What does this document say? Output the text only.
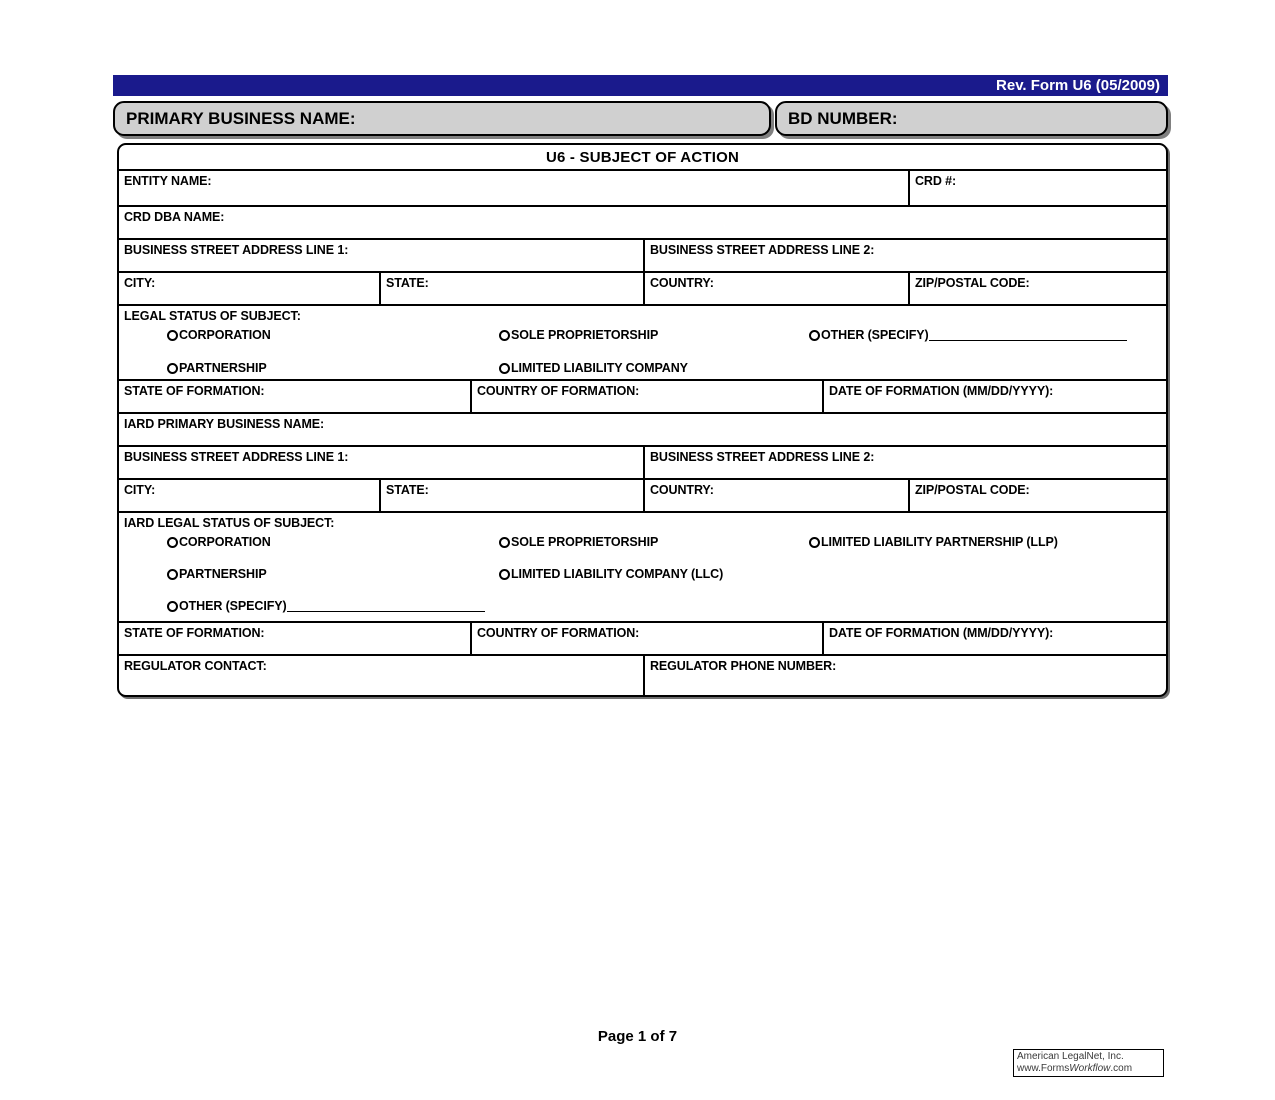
Rev. Form U6 (05/2009)
PRIMARY BUSINESS NAME:	BD NUMBER:
U6 - SUBJECT OF ACTION
ENTITY NAME:	CRD #:
CRD DBA NAME:
BUSINESS STREET ADDRESS LINE 1:	BUSINESS STREET ADDRESS LINE 2:
CITY:	STATE:	COUNTRY:	ZIP/POSTAL CODE:
LEGAL STATUS OF SUBJECT:
CORPORATION	SOLE PROPRIETORSHIP	OTHER (SPECIFY)
PARTNERSHIP	LIMITED LIABILITY COMPANY
STATE OF FORMATION:	COUNTRY OF FORMATION:	DATE OF FORMATION (MM/DD/YYYY):
IARD PRIMARY BUSINESS NAME:
BUSINESS STREET ADDRESS LINE 1:	BUSINESS STREET ADDRESS LINE 2:
CITY:	STATE:	COUNTRY:	ZIP/POSTAL CODE:
IARD LEGAL STATUS OF SUBJECT:
CORPORATION	SOLE PROPRIETORSHIP	LIMITED LIABILITY PARTNERSHIP (LLP)
PARTNERSHIP	LIMITED LIABILITY COMPANY (LLC)
OTHER (SPECIFY)
STATE OF FORMATION:	COUNTRY OF FORMATION:	DATE OF FORMATION (MM/DD/YYYY):
REGULATOR CONTACT:	REGULATOR PHONE NUMBER:
Page 1 of 7
American LegalNet, Inc.
www.FormsWorkflow.com
